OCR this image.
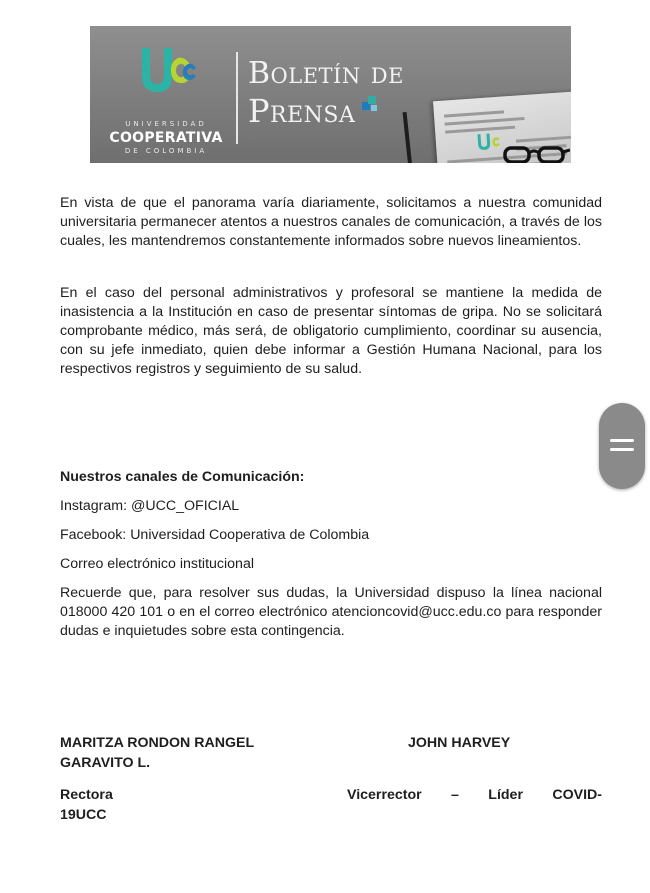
UNIVERSIDAD
COOPERATIVA
DE COLOMBIA
Boletín de
Prensa
En vista de que el panorama varía diariamente, solicitamos a nuestra comunidad universitaria permanecer atentos a nuestros canales de comunicación, a través de los cuales, les mantendremos constantemente informados sobre nuevos lineamientos.
En el caso del personal administrativos y profesoral se mantiene la medida de inasistencia a la Institución en caso de presentar síntomas de gripa. No se solicitará comprobante médico, más será, de obligatorio cumplimiento, coordinar su ausencia, con su jefe inmediato, quien debe informar a Gestión Humana Nacional, para los respectivos registros y seguimiento de su salud.
Nuestros canales de Comunicación:
Instagram: @UCC_OFICIAL
Facebook: Universidad Cooperativa de Colombia
Correo electrónico institucional
Recuerde que, para resolver sus dudas, la Universidad dispuso la línea nacional 018000 420 101 o en el correo electrónico atencioncovid@ucc.edu.co para responder dudas e inquietudes sobre esta contingencia.
MARITZA RONDON RANGEL GARAVITO L.
JOHN HARVEY
Rectora	Vicerrector – Líder COVID-
19UCC
